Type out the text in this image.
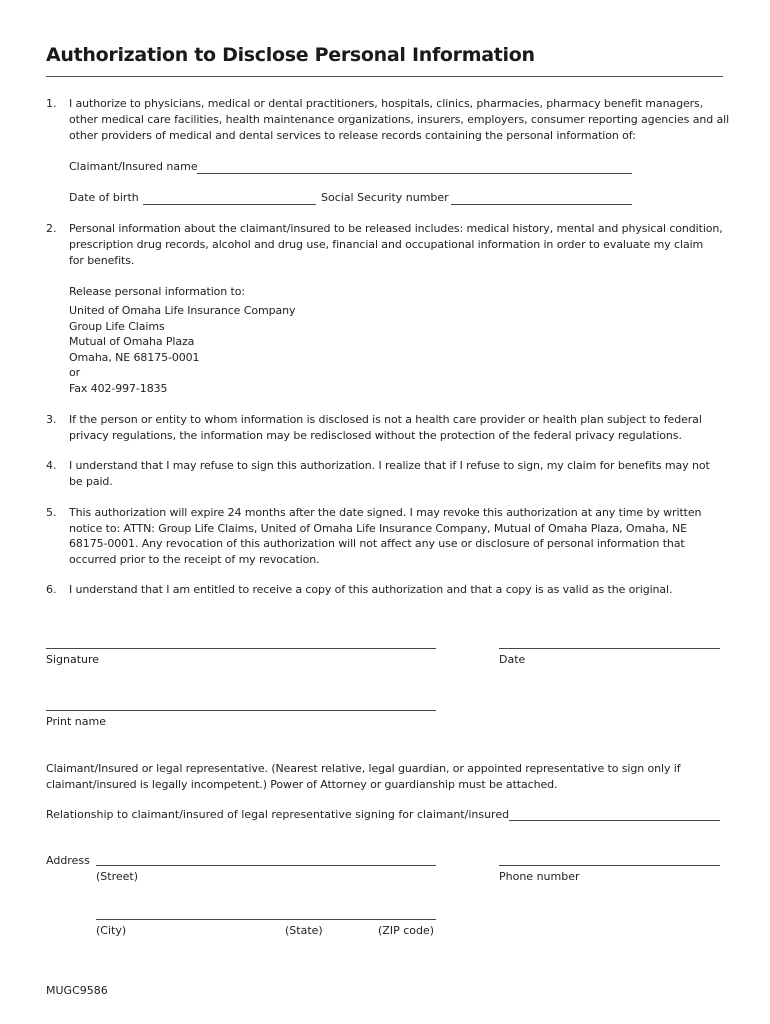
Authorization to Disclose Personal Information
1. I authorize to physicians, medical or dental practitioners, hospitals, clinics, pharmacies, pharmacy benefit managers,
other medical care facilities, health maintenance organizations, insurers, employers, consumer reporting agencies and all
other providers of medical and dental services to release records containing the personal information of:
Claimant/Insured name
Date of birth	Social Security number
2. Personal information about the claimant/insured to be released includes: medical history, mental and physical condition,
prescription drug records, alcohol and drug use, financial and occupational information in order to evaluate my claim
for benefits.
Release personal information to:
United of Omaha Life Insurance Company
Group Life Claims
Mutual of Omaha Plaza
Omaha, NE 68175-0001
or
Fax 402-997-1835
3. If the person or entity to whom information is disclosed is not a health care provider or health plan subject to federal
privacy regulations, the information may be redisclosed without the protection of the federal privacy regulations.
4. I understand that I may refuse to sign this authorization. I realize that if I refuse to sign, my claim for benefits may not
be paid.
5. This authorization will expire 24 months after the date signed. I may revoke this authorization at any time by written
notice to: ATTN: Group Life Claims, United of Omaha Life Insurance Company, Mutual of Omaha Plaza, Omaha, NE
68175-0001. Any revocation of this authorization will not affect any use or disclosure of personal information that
occurred prior to the receipt of my revocation.
6. I understand that I am entitled to receive a copy of this authorization and that a copy is as valid as the original.
Signature	Date
Print name
Claimant/Insured or legal representative. (Nearest relative, legal guardian, or appointed representative to sign only if
claimant/insured is legally incompetent.) Power of Attorney or guardianship must be attached.
Relationship to claimant/insured of legal representative signing for claimant/insured
Address
(Street)	Phone number
(City)	(State)	(ZIP code)
MUGC9586
